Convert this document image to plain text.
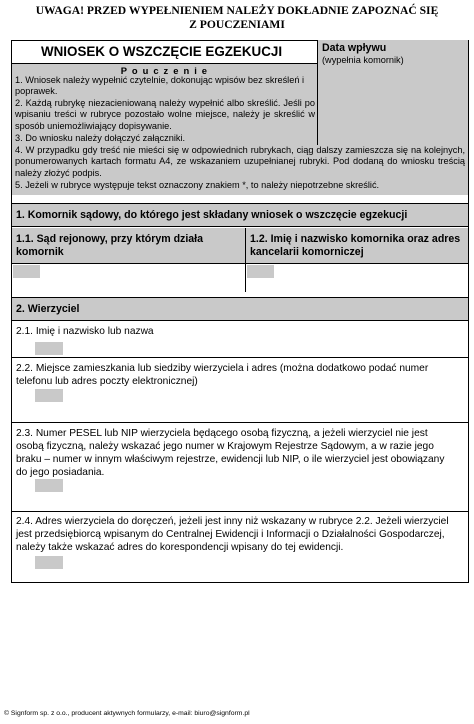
UWAGA! PRZED WYPEŁNIENIEM NALEŻY DOKŁADNIE ZAPOZNAĆ SIĘ
Z POUCZENIAMI
WNIOSEK O WSZCZĘCIE EGZEKUCJI	Data wpływu
(wypełnia komornik)
P o u c z e n i e
1. Wniosek należy wypełnić czytelnie, dokonując wpisów bez skreśleń i poprawek.
2. Każdą rubrykę niezacieniowaną należy wypełnić albo skreślić. Jeśli po wpisaniu treści w rubryce pozostało wolne miejsce, należy je skreślić w sposób uniemożliwiający dopisywanie.
3. Do wniosku należy dołączyć załączniki.
4. W przypadku gdy treść nie mieści się w odpowiednich rubrykach, ciąg dalszy zamieszcza się na kolejnych, ponumerowanych kartach formatu A4, ze wskazaniem uzupełnianej rubryki. Pod dodaną do wniosku treścią należy złożyć podpis.
5. Jeżeli w rubryce występuje tekst oznaczony znakiem *, to należy niepotrzebne skreślić.
1. Komornik sądowy, do którego jest składany wniosek o wszczęcie egzekucji
1.1. Sąd rejonowy, przy którym działa komornik
1.2. Imię i nazwisko komornika oraz adres kancelarii komorniczej
2. Wierzyciel
2.1. Imię i nazwisko lub nazwa
2.2. Miejsce zamieszkania lub siedziby wierzyciela i adres (można dodatkowo podać numer telefonu lub adres poczty elektronicznej)
2.3. Numer PESEL lub NIP wierzyciela będącego osobą fizyczną, a jeżeli wierzyciel nie jest osobą fizyczną, należy wskazać jego numer w Krajowym Rejestrze Sądowym, a w razie jego braku – numer w innym właściwym rejestrze, ewidencji lub NIP, o ile wierzyciel jest obowiązany do jego posiadania.
2.4. Adres wierzyciela do doręczeń, jeżeli jest inny niż wskazany w rubryce 2.2. Jeżeli wierzyciel jest przedsiębiorcą wpisanym do Centralnej Ewidencji i Informacji o Działalności Gospodarczej, należy także wskazać adres do korespondencji wpisany do tej ewidencji.
© Signform sp. z o.o., producent aktywnych formularzy, e-mail: biuro@signform.pl
